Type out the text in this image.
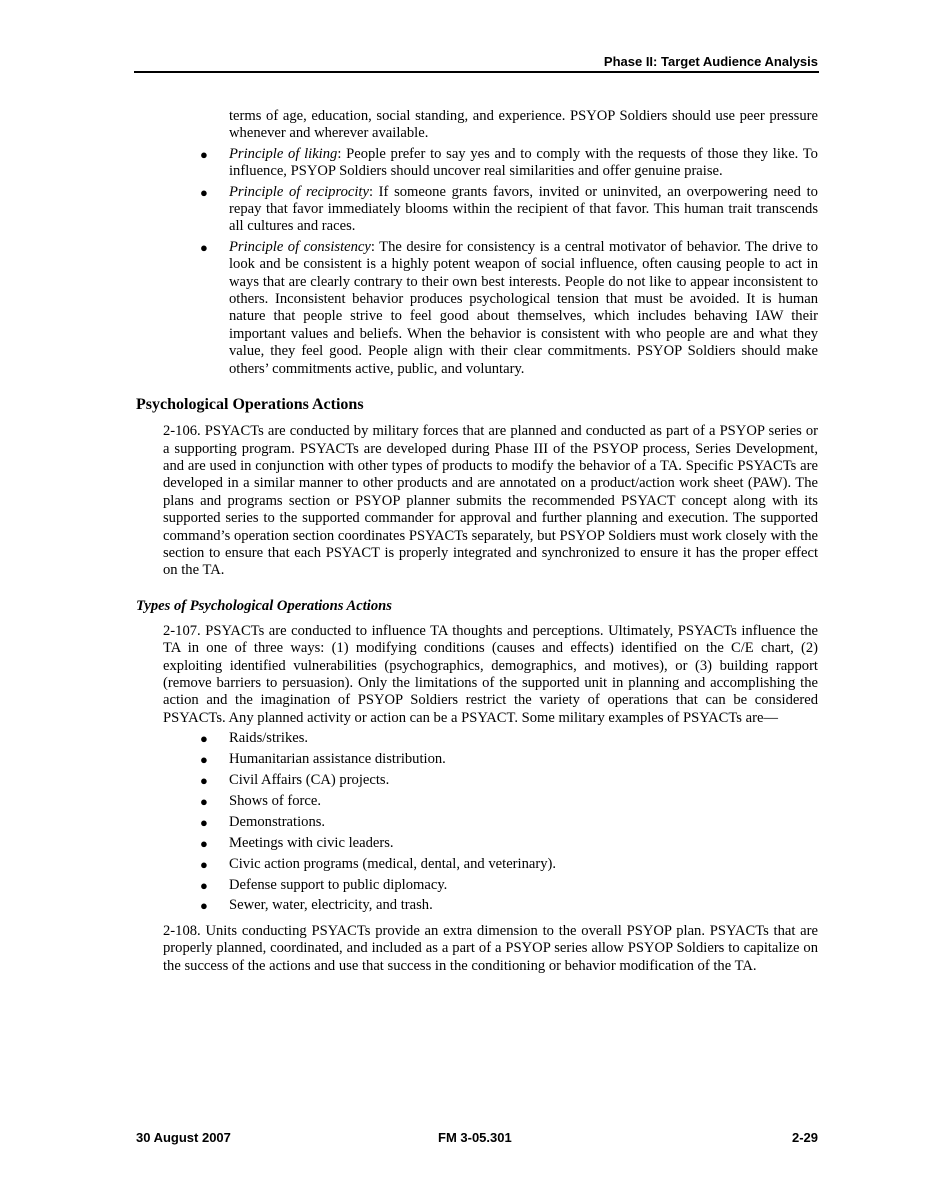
Phase II: Target Audience Analysis

terms of age, education, social standing, and experience. PSYOP Soldiers should use peer pressure whenever and wherever available.

● Principle of liking: People prefer to say yes and to comply with the requests of those they like. To influence, PSYOP Soldiers should uncover real similarities and offer genuine praise.
● Principle of reciprocity: If someone grants favors, invited or uninvited, an overpowering need to repay that favor immediately blooms within the recipient of that favor. This human trait transcends all cultures and races.
● Principle of consistency: The desire for consistency is a central motivator of behavior. The drive to look and be consistent is a highly potent weapon of social influence, often causing people to act in ways that are clearly contrary to their own best interests. People do not like to appear inconsistent to others. Inconsistent behavior produces psychological tension that must be avoided. It is human nature that people strive to feel good about themselves, which includes behaving IAW their important values and beliefs. When the behavior is consistent with who people are and what they value, they feel good. People align with their clear commitments. PSYOP Soldiers should make others’ commitments active, public, and voluntary.
Psychological Operations Actions

2-106. PSYACTs are conducted by military forces that are planned and conducted as part of a PSYOP series or a supporting program. PSYACTs are developed during Phase III of the PSYOP process, Series Development, and are used in conjunction with other types of products to modify the behavior of a TA. Specific PSYACTs are developed in a similar manner to other products and are annotated on a product/action work sheet (PAW). The plans and programs section or PSYOP planner submits the recommended PSYACT concept along with its supported series to the supported commander for approval and further planning and execution. The supported command’s operation section coordinates PSYACTs separately, but PSYOP Soldiers must work closely with the section to ensure that each PSYACT is properly integrated and synchronized to ensure it has the proper effect on the TA.

Types of Psychological Operations Actions

2-107. PSYACTs are conducted to influence TA thoughts and perceptions. Ultimately, PSYACTs influence the TA in one of three ways: (1) modifying conditions (causes and effects) identified on the C/E chart, (2) exploiting identified vulnerabilities (psychographics, demographics, and motives), or (3) building rapport (remove barriers to persuasion). Only the limitations of the supported unit in planning and accomplishing the action and the imagination of PSYOP Soldiers restrict the variety of operations that can be considered PSYACTs. Any planned activity or action can be a PSYACT. Some military examples of PSYACTs are—

● Raids/strikes.
● Humanitarian assistance distribution.
● Civil Affairs (CA) projects.
● Shows of force.
● Demonstrations.
● Meetings with civic leaders.
● Civic action programs (medical, dental, and veterinary).
● Defense support to public diplomacy.
● Sewer, water, electricity, and trash.

2-108. Units conducting PSYACTs provide an extra dimension to the overall PSYOP plan. PSYACTs that are properly planned, coordinated, and included as a part of a PSYOP series allow PSYOP Soldiers to capitalize on the success of the actions and use that success in the conditioning or behavior modification of the TA.

30 August 2007	FM 3-05.301	2-29
